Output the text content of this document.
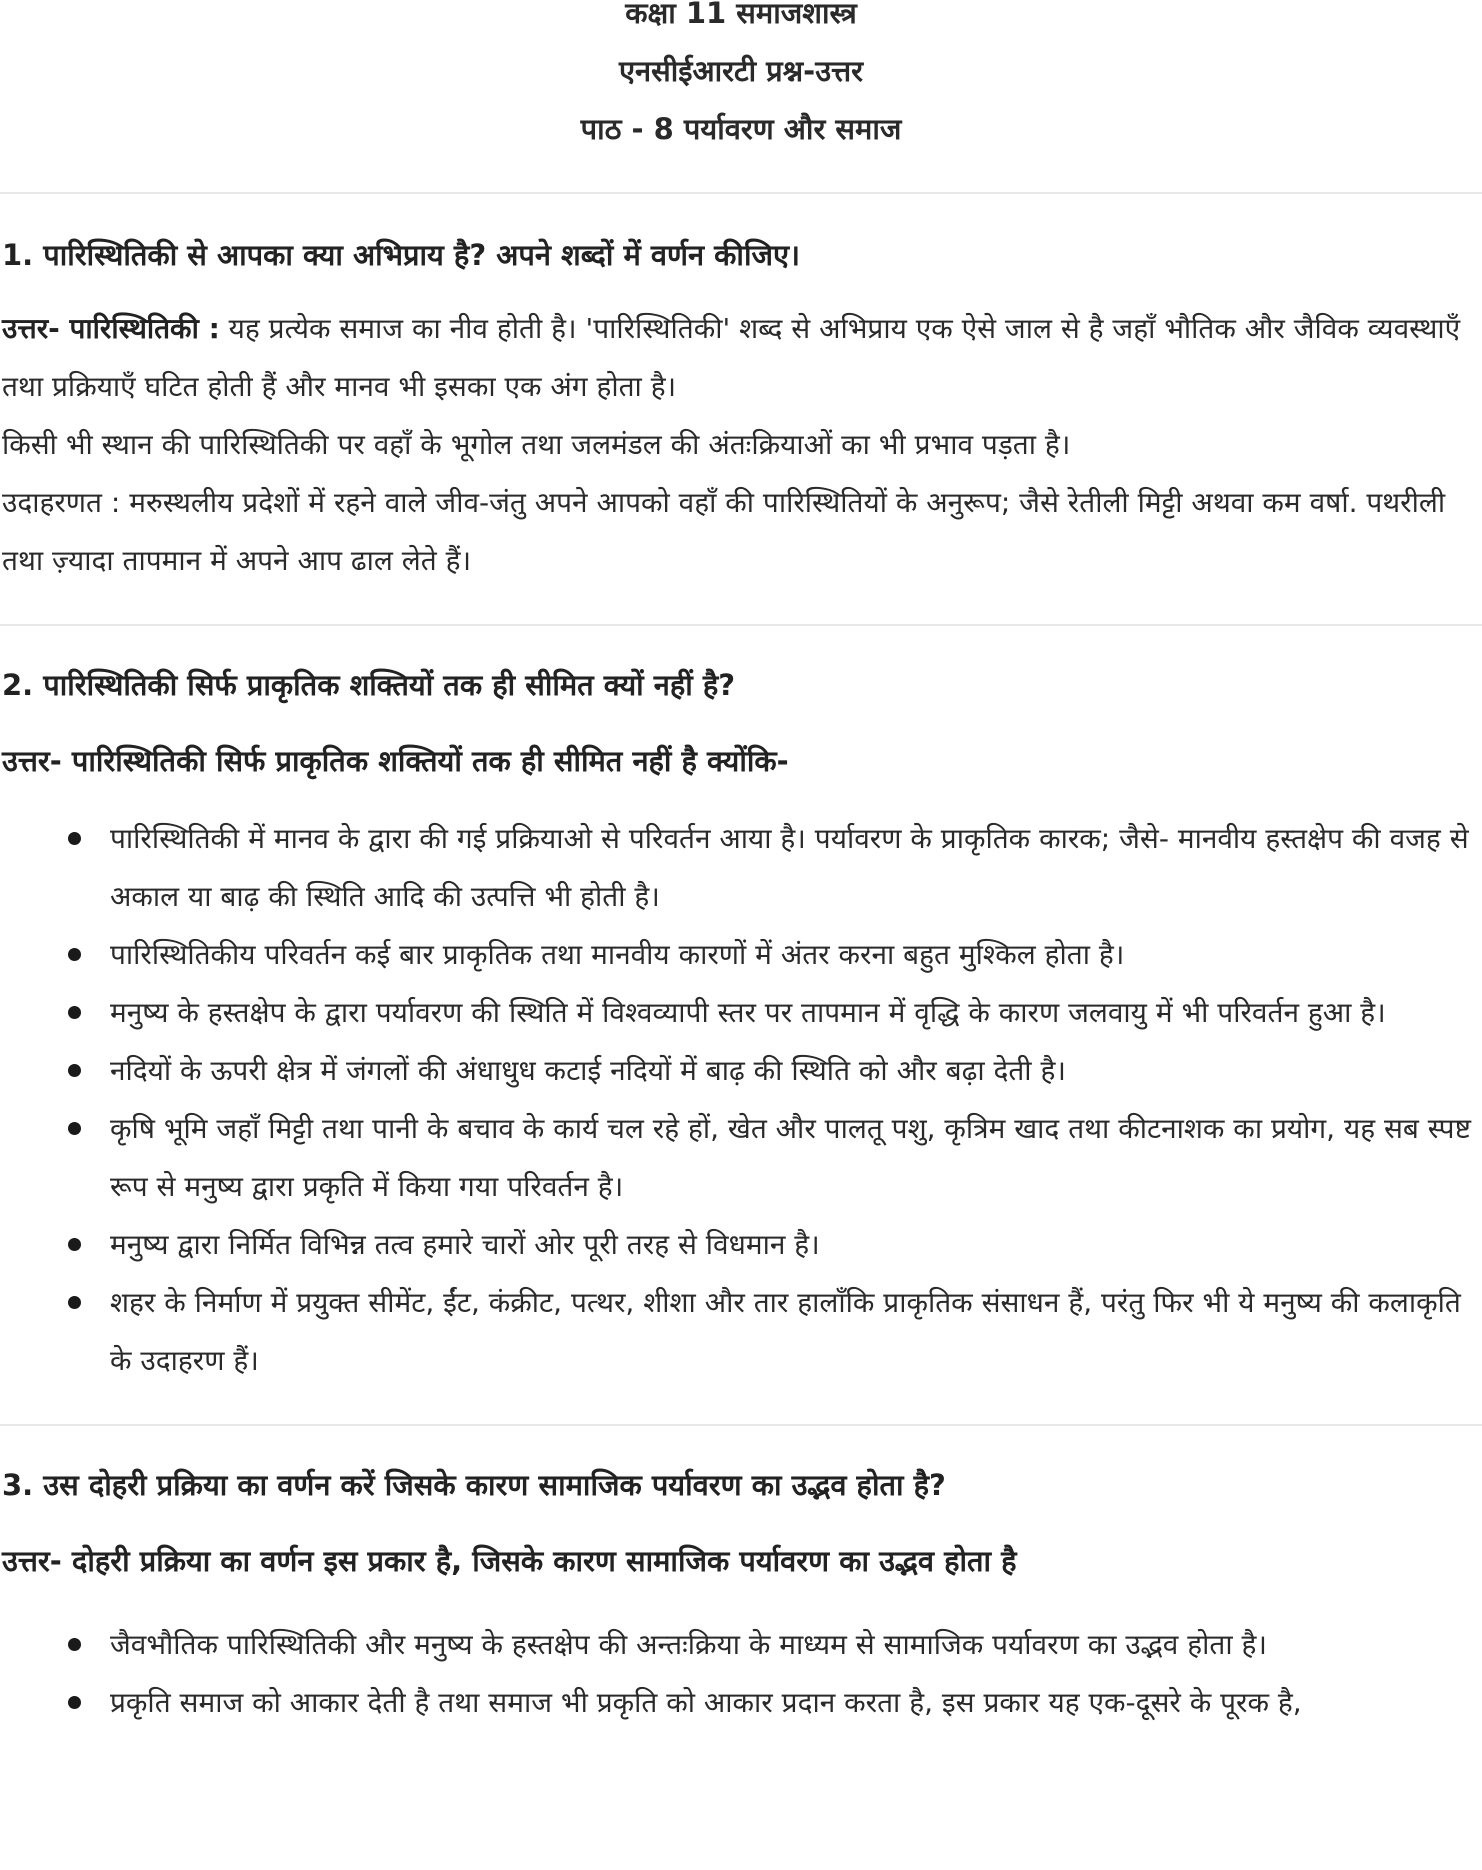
कक्षा 11 समाजशास्त्र
एनसीईआरटी प्रश्न-उत्तर
पाठ - 8 पर्यावरण और समाज
1. पारिस्थितिकी से आपका क्या अभिप्राय है? अपने शब्दों में वर्णन कीजिए।
उत्तर- पारिस्थितिकी : यह प्रत्येक समाज का नीव होती है। 'पारिस्थितिकी' शब्द से अभिप्राय एक ऐसे जाल से है जहाँ भौतिक और जैविक व्यवस्थाएँ तथा प्रक्रियाएँ घटित होती हैं और मानव भी इसका एक अंग होता है।
किसी भी स्थान की पारिस्थितिकी पर वहाँ के भूगोल तथा जलमंडल की अंतःक्रियाओं का भी प्रभाव पड़ता है।
उदाहरणत : मरुस्थलीय प्रदेशों में रहने वाले जीव-जंतु अपने आपको वहाँ की पारिस्थितियों के अनुरूप; जैसे रेतीली मिट्टी अथवा कम वर्षा. पथरीली तथा ज़्यादा तापमान में अपने आप ढाल लेते हैं।
2. पारिस्थितिकी सिर्फ प्राकृतिक शक्तियों तक ही सीमित क्यों नहीं है?
उत्तर- पारिस्थितिकी सिर्फ प्राकृतिक शक्तियों तक ही सीमित नहीं है क्योंकि-
पारिस्थितिकी में मानव के द्वारा की गई प्रक्रियाओ से परिवर्तन आया है। पर्यावरण के प्राकृतिक कारक; जैसे- मानवीय हस्तक्षेप की वजह से अकाल या बाढ़ की स्थिति आदि की उत्पत्ति भी होती है।
पारिस्थितिकीय परिवर्तन कई बार प्राकृतिक तथा मानवीय कारणों में अंतर करना बहुत मुश्किल होता है।
मनुष्य के हस्तक्षेप के द्वारा पर्यावरण की स्थिति में विश्वव्यापी स्तर पर तापमान में वृद्धि के कारण जलवायु में भी परिवर्तन हुआ है।
नदियों के ऊपरी क्षेत्र में जंगलों की अंधाधुध कटाई नदियों में बाढ़ की स्थिति को और बढ़ा देती है।
कृषि भूमि जहाँ मिट्टी तथा पानी के बचाव के कार्य चल रहे हों, खेत और पालतू पशु, कृत्रिम खाद तथा कीटनाशक का प्रयोग, यह सब स्पष्ट रूप से मनुष्य द्वारा प्रकृति में किया गया परिवर्तन है।
मनुष्य द्वारा निर्मित विभिन्न तत्व हमारे चारों ओर पूरी तरह से विधमान है।
शहर के निर्माण में प्रयुक्त सीमेंट, ईंट, कंक्रीट, पत्थर, शीशा और तार हालाँकि प्राकृतिक संसाधन हैं, परंतु फिर भी ये मनुष्य की कलाकृति के उदाहरण हैं।
3. उस दोहरी प्रक्रिया का वर्णन करें जिसके कारण सामाजिक पर्यावरण का उद्भव होता है?
उत्तर- दोहरी प्रक्रिया का वर्णन इस प्रकार है, जिसके कारण सामाजिक पर्यावरण का उद्भव होता है
जैवभौतिक पारिस्थितिकी और मनुष्य के हस्तक्षेप की अन्तःक्रिया के माध्यम से सामाजिक पर्यावरण का उद्भव होता है।
प्रकृति समाज को आकार देती है तथा समाज भी प्रकृति को आकार प्रदान करता है, इस प्रकार यह एक-दूसरे के पूरक है,
